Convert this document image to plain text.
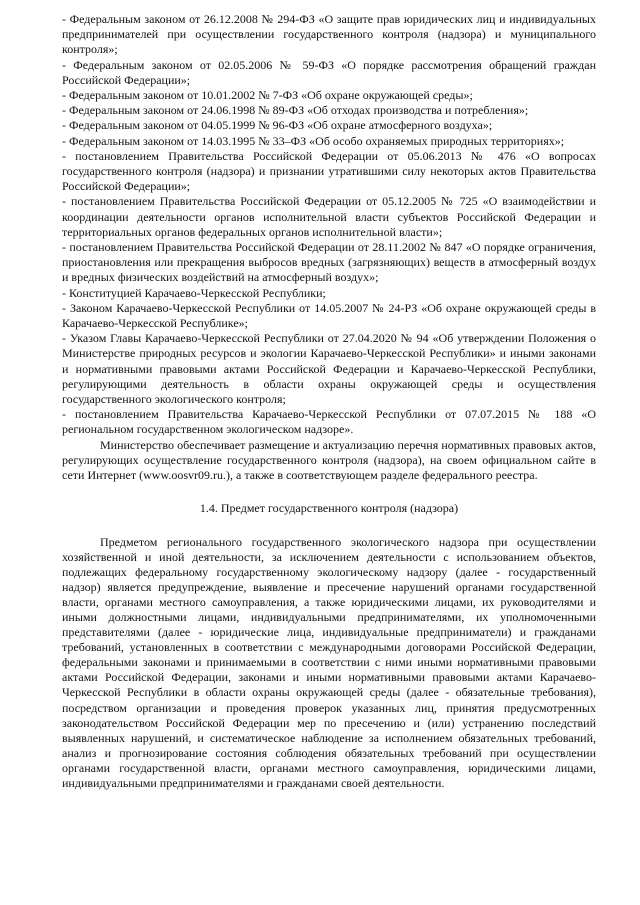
- Федеральным законом от 26.12.2008 № 294-ФЗ «О защите прав юридических лиц и индивидуальных предпринимателей при осуществлении государственного контроля (надзора) и муниципального контроля»;

- Федеральным законом от 02.05.2006 № 59-ФЗ «О порядке рассмотрения обращений граждан Российской Федерации»;

- Федеральным законом от 10.01.2002 № 7-ФЗ «Об охране окружающей среды»;

- Федеральным законом от 24.06.1998 № 89-ФЗ «Об отходах производства и потребления»;

- Федеральным законом от 04.05.1999 № 96-ФЗ «Об охране атмосферного воздуха»;

- Федеральным законом от 14.03.1995 № 33–ФЗ «Об особо охраняемых природных территориях»;

- постановлением Правительства Российской Федерации от 05.06.2013 № 476 «О вопросах государственного контроля (надзора) и признании утратившими силу некоторых актов Правительства Российской Федерации»;

- постановлением Правительства Российской Федерации от 05.12.2005 № 725 «О взаимодействии и координации деятельности органов исполнительной власти субъектов Российской Федерации и территориальных органов федеральных органов исполнительной власти»;

- постановлением Правительства Российской Федерации от 28.11.2002 № 847 «О порядке ограничения, приостановления или прекращения выбросов вредных (загрязняющих) веществ в атмосферный воздух и вредных физических воздействий на атмосферный воздух»;

- Конституцией Карачаево-Черкесской Республики;

- Законом Карачаево-Черкесской Республики от 14.05.2007 № 24-РЗ «Об охране окружающей среды в Карачаево-Черкесской Республике»;

- Указом Главы Карачаево-Черкесской Республики от 27.04.2020 № 94 «Об утверждении Положения о Министерстве природных ресурсов и экологии Карачаево-Черкесской Республики» и иными законами и нормативными правовыми актами Российской Федерации и Карачаево-Черкесской Республики, регулирующими деятельность в области охраны окружающей среды и осуществления государственного экологического контроля;

- постановлением Правительства Карачаево-Черкесской Республики от 07.07.2015 № 188 «О региональном государственном экологическом надзоре».

Министерство обеспечивает размещение и актуализацию перечня нормативных правовых актов, регулирующих осуществление государственного контроля (надзора), на своем официальном сайте в сети Интернет (www.oosvr09.ru.), а также в соответствующем разделе федерального реестра.

1.4. Предмет государственного контроля (надзора)

Предметом регионального государственного экологического надзора при осуществлении хозяйственной и иной деятельности, за исключением деятельности с использованием объектов, подлежащих федеральному государственному экологическому надзору (далее - государственный надзор) является предупреждение, выявление и пресечение нарушений органами государственной власти, органами местного самоуправления, а также юридическими лицами, их руководителями и иными должностными лицами, индивидуальными предпринимателями, их уполномоченными представителями (далее - юридические лица, индивидуальные предприниматели) и гражданами требований, установленных в соответствии с международными договорами Российской Федерации, федеральными законами и принимаемыми в соответствии с ними иными нормативными правовыми актами Российской Федерации, законами и иными нормативными правовыми актами Карачаево-Черкесской Республики в области охраны окружающей среды (далее - обязательные требования), посредством организации и проведения проверок указанных лиц, принятия предусмотренных законодательством Российской Федерации мер по пресечению и (или) устранению последствий выявленных нарушений, и систематическое наблюдение за исполнением обязательных требований, анализ и прогнозирование состояния соблюдения обязательных требований при осуществлении органами государственной власти, органами местного самоуправления, юридическими лицами, индивидуальными предпринимателями и гражданами своей деятельности.
